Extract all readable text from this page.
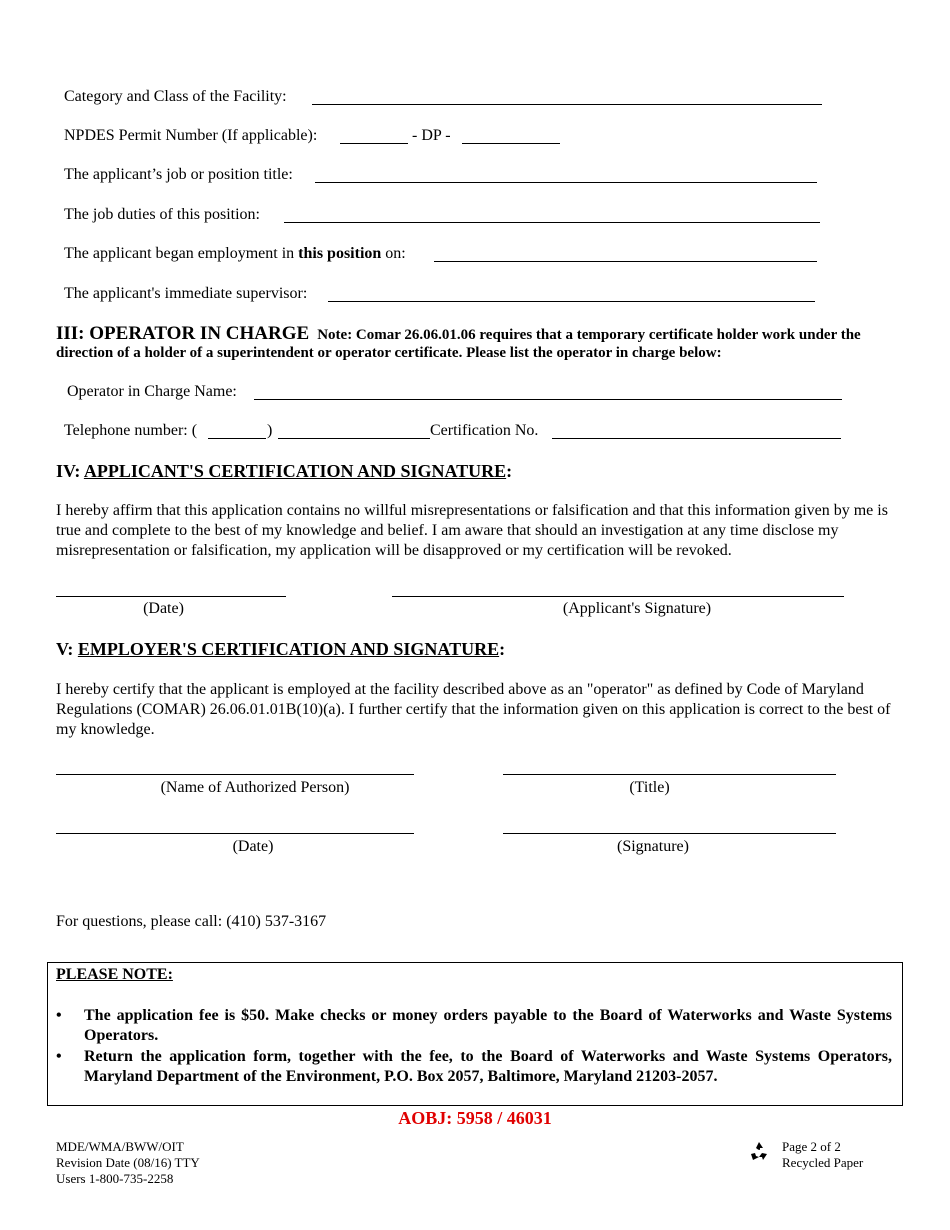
Category and Class of the Facility:
NPDES Permit Number (If applicable):	- DP -
The applicant’s job or position title:
The job duties of this position:
The applicant began employment in this position on:
The applicant's immediate supervisor:
III: OPERATOR IN CHARGE Note: Comar 26.06.01.06 requires that a temporary certificate holder work under the
direction of a holder of a superintendent or operator certificate. Please list the operator in charge below:
Operator in Charge Name:
Telephone number: (	)	Certification No.
IV: APPLICANT'S CERTIFICATION AND SIGNATURE:
I hereby affirm that this application contains no willful misrepresentations or falsification and that this information given by me is true and complete to the best of my knowledge and belief. I am aware that should an investigation at any time disclose my misrepresentation or falsification, my application will be disapproved or my certification will be revoked.
(Date)	(Applicant's Signature)
V: EMPLOYER'S CERTIFICATION AND SIGNATURE:
I hereby certify that the applicant is employed at the facility described above as an "operator" as defined by Code of Maryland Regulations (COMAR) 26.06.01.01B(10)(a). I further certify that the information given on this application is correct to the best of my knowledge.
(Name of Authorized Person)	(Title)
(Date)	(Signature)
For questions, please call: (410) 537-3167
PLEASE NOTE:
• The application fee is $50. Make checks or money orders payable to the Board of Waterworks and Waste Systems Operators.
• Return the application form, together with the fee, to the Board of Waterworks and Waste Systems Operators, Maryland Department of the Environment, P.O. Box 2057, Baltimore, Maryland 21203-2057.
AOBJ: 5958 / 46031
MDE/WMA/BWW/OIT
Revision Date (08/16) TTY
Users 1-800-735-2258
Page 2 of 2
Recycled Paper
